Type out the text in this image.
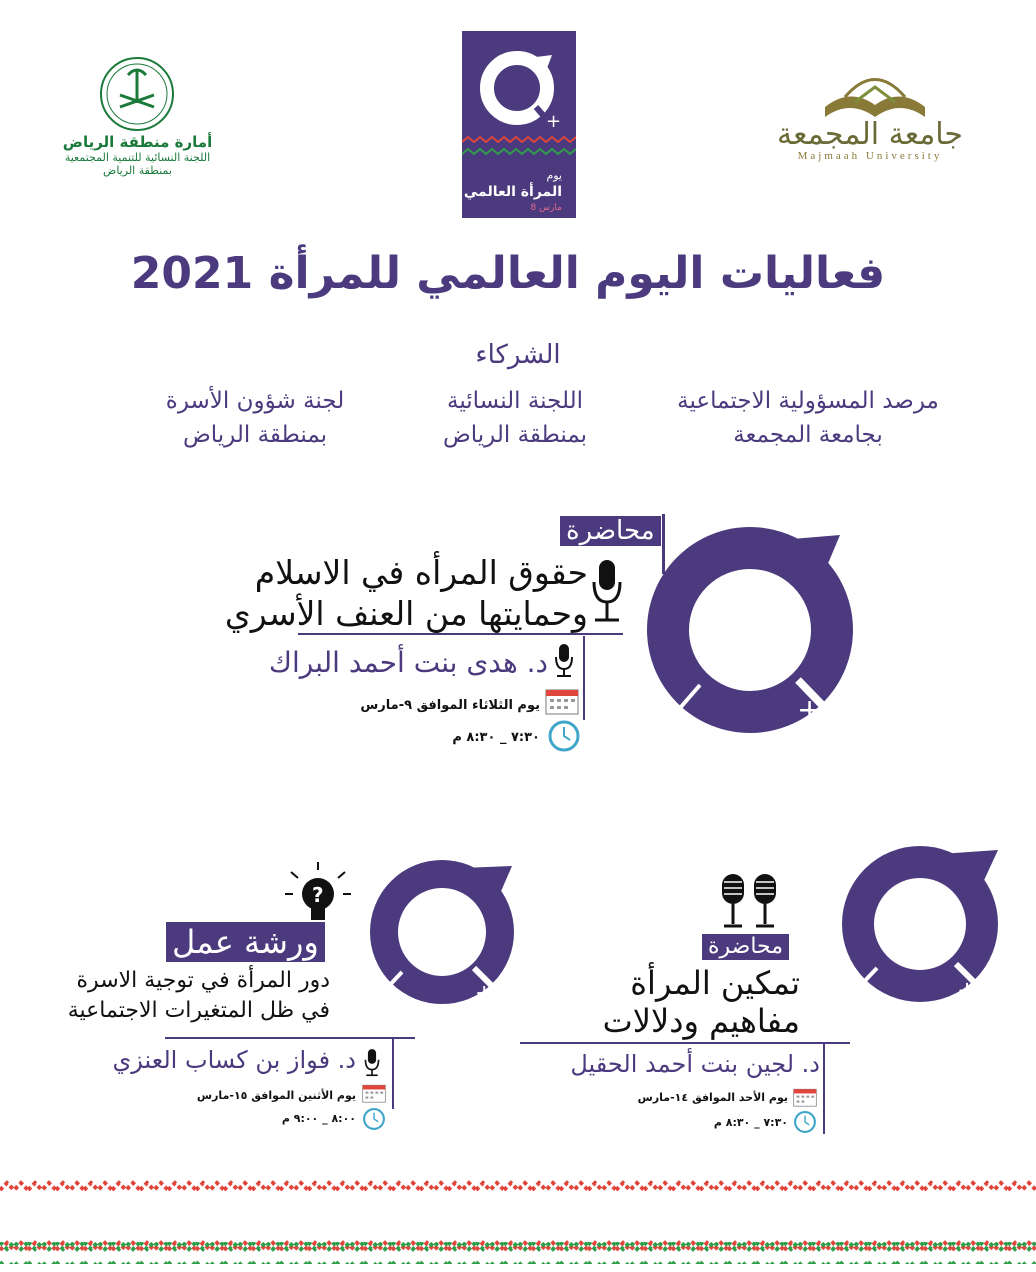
جامعة المجمعة
Majmaah University
+
يوم
المرأة العالمي
8 مارس
أمارة منطقة الرياض
اللجنة النسائية للتنمية المجتمعية
بمنطقة الرياض
فعاليات اليوم العالمي للمرأة 2021
الشركاء
مرصد المسؤولية الاجتماعية
بجامعة المجمعة
اللجنة النسائية
بمنطقة الرياض
لجنة شؤون الأسرة
بمنطقة الرياض
+
محاضرة
حقوق المرأه في الاسلام
وحمايتها من العنف الأسري
د. هدى بنت أحمد البراك
يوم الثلاثاء الموافق ٩-مارس
٧:٣٠ _ ٨:٣٠ م
+
?
ورشة عمل
دور المرأة في توجية الاسرة
في ظل المتغيرات الاجتماعية
د. فواز بن كساب العنزي
يوم الأثنين الموافق ١٥-مارس
٨:٠٠ _ ٩:٠٠ م
+
محاضرة
تمكين المرأة
مفاهيم ودلالات
د. لجين بنت أحمد الحقيل
يوم الأحد الموافق ١٤-مارس
٧:٣٠ _ ٨:٣٠ م
